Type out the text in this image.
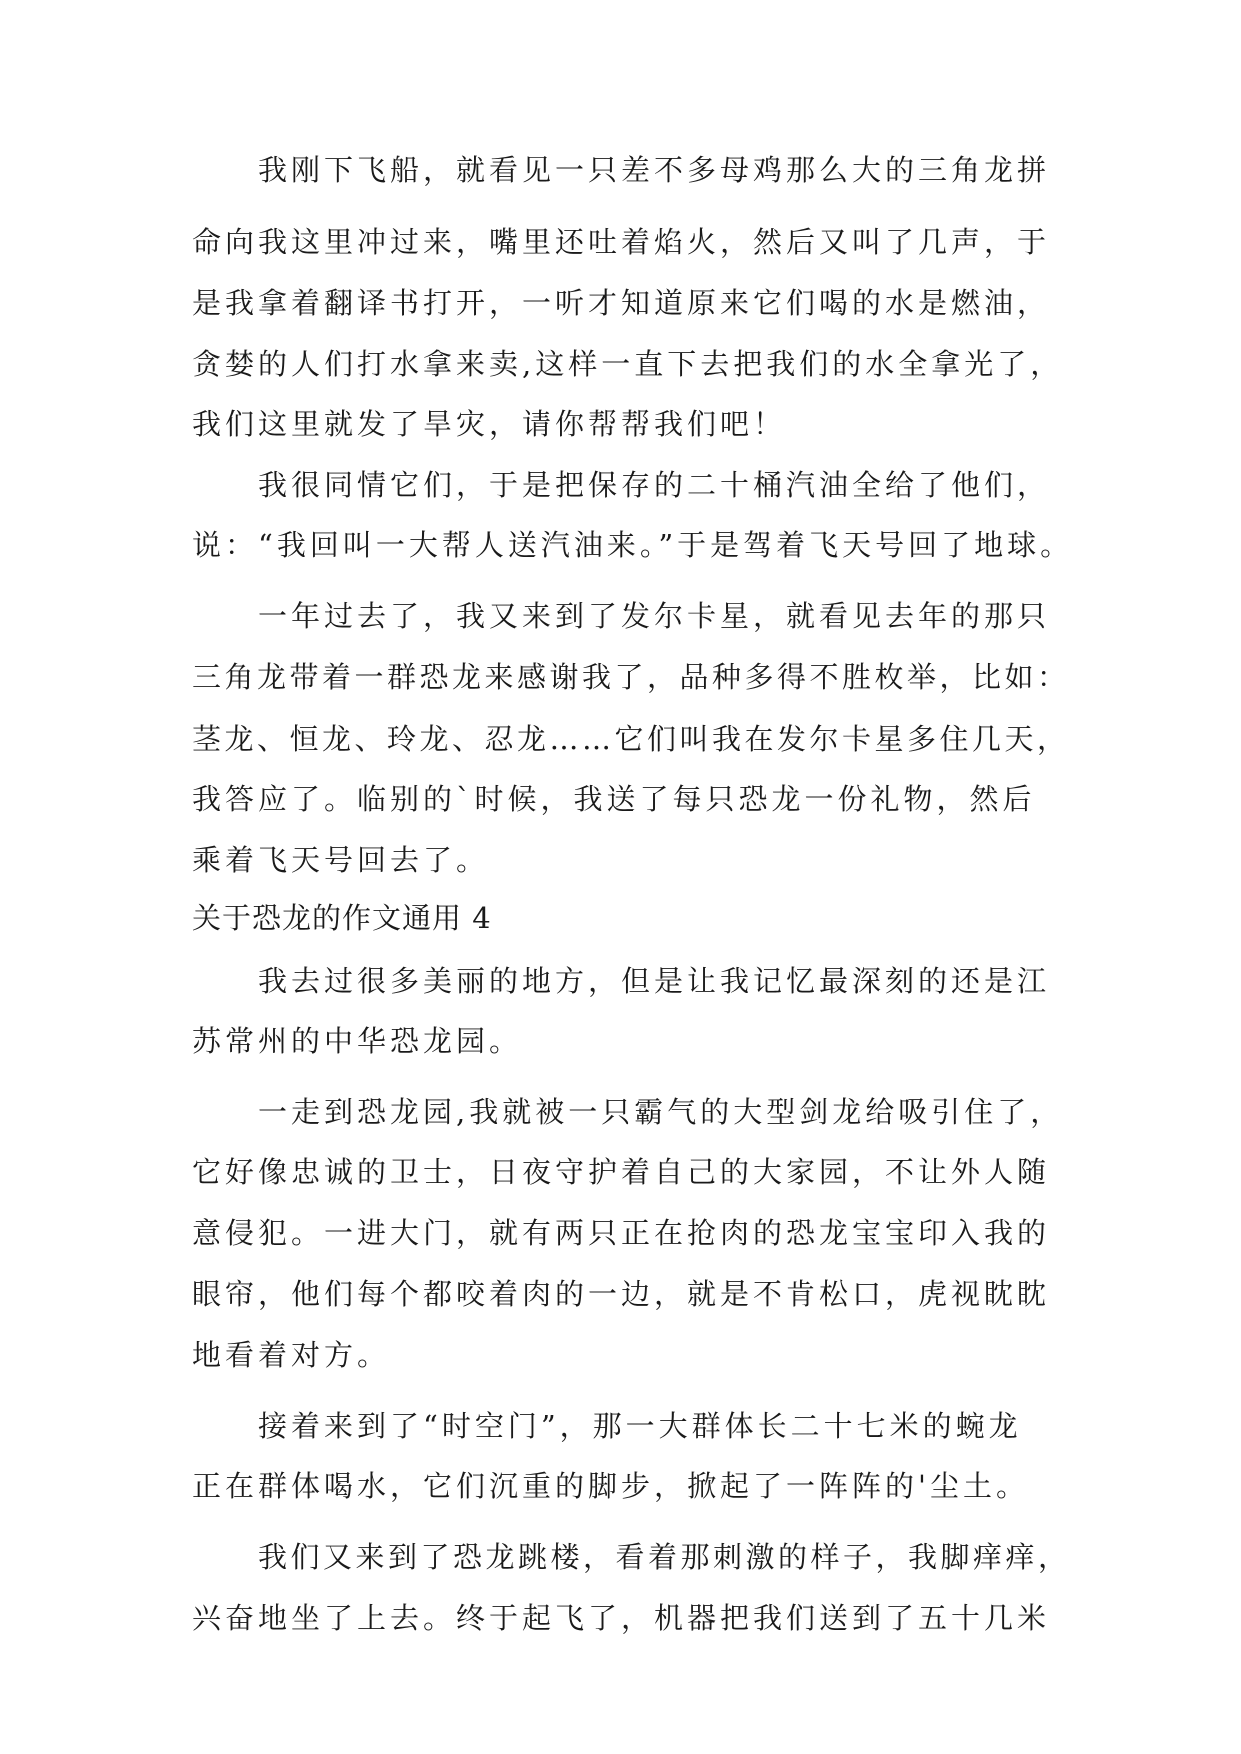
我刚下飞船，就看见一只差不多母鸡那么大的三角龙拼
命向我这里冲过来，嘴里还吐着焰火，然后又叫了几声，于
是我拿着翻译书打开，一听才知道原来它们喝的水是燃油，
贪婪的人们打水拿来卖,这样一直下去把我们的水全拿光了，
我们这里就发了旱灾，请你帮帮我们吧！
我很同情它们，于是把保存的二十桶汽油全给了他们，
说：“我回叫一大帮人送汽油来。”于是驾着飞天号回了地球。
一年过去了，我又来到了发尔卡星，就看见去年的那只
三角龙带着一群恐龙来感谢我了，品种多得不胜枚举，比如：
茎龙、恒龙、玲龙、忍龙……它们叫我在发尔卡星多住几天，
我答应了。临别的`时候，我送了每只恐龙一份礼物，然后
乘着飞天号回去了。
关于恐龙的作文通用 4
我去过很多美丽的地方，但是让我记忆最深刻的还是江
苏常州的中华恐龙园。
一走到恐龙园,我就被一只霸气的大型剑龙给吸引住了，
它好像忠诚的卫士，日夜守护着自己的大家园，不让外人随
意侵犯。一进大门，就有两只正在抢肉的恐龙宝宝印入我的
眼帘，他们每个都咬着肉的一边，就是不肯松口，虎视眈眈
地看着对方。
接着来到了“时空门”，那一大群体长二十七米的蜿龙
正在群体喝水，它们沉重的脚步，掀起了一阵阵的'尘土。
我们又来到了恐龙跳楼，看着那刺激的样子，我脚痒痒，
兴奋地坐了上去。终于起飞了，机器把我们送到了五十几米
